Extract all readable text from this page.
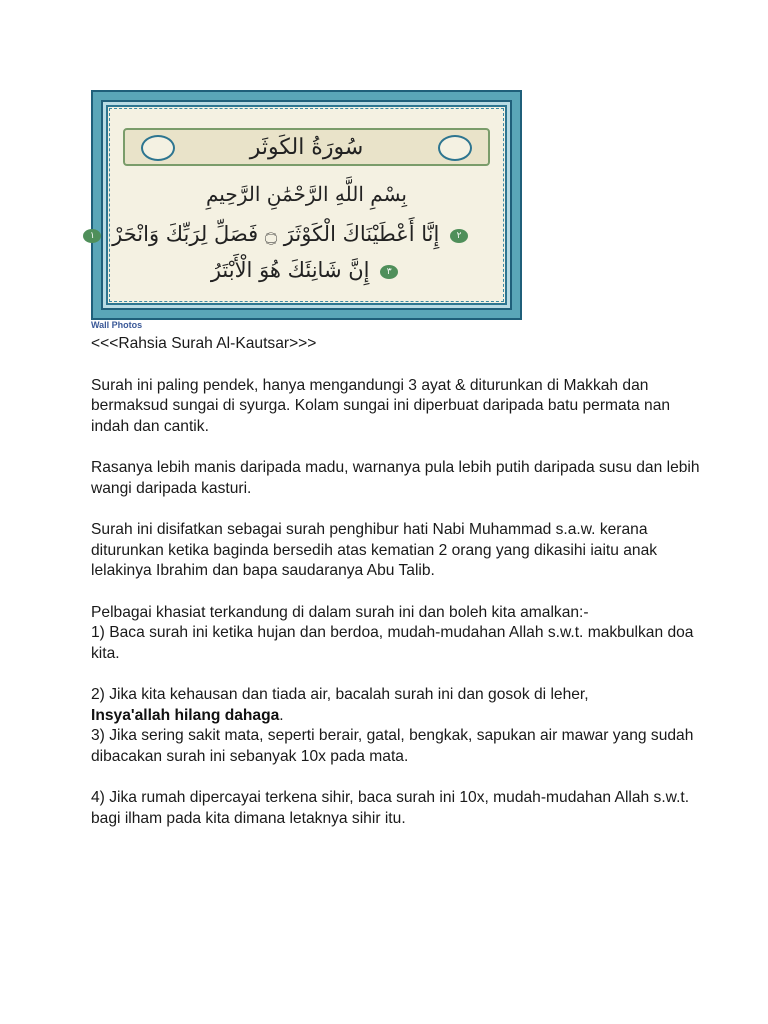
سُورَةُ الكَوثَر
بِسْمِ اللَّهِ الرَّحْمَٰنِ الرَّحِيمِ
٢ إِنَّا أَعْطَيْنَاكَ الْكَوْثَرَ ۝ فَصَلِّ لِرَبِّكَ وَانْحَرْ ١
٣ إِنَّ شَانِئَكَ هُوَ الْأَبْتَرُ
Wall Photos

<<<Rahsia Surah Al-Kautsar>>>

Surah ini paling pendek, hanya mengandungi 3 ayat & diturunkan di Makkah dan bermaksud sungai di syurga. Kolam sungai ini diperbuat daripada batu permata nan indah dan cantik.

Rasanya lebih manis daripada madu, warnanya pula lebih putih daripada susu dan lebih wangi daripada kasturi.

Surah ini disifatkan sebagai surah penghibur hati Nabi Muhammad s.a.w. kerana diturunkan ketika baginda bersedih atas kematian 2 orang yang dikasihi iaitu anak lelakinya Ibrahim dan bapa saudaranya Abu Talib.

Pelbagai khasiat terkandung di dalam surah ini dan boleh kita amalkan:-

1) Baca surah ini ketika hujan dan berdoa, mudah-mudahan Allah s.w.t. makbulkan doa kita.

2) Jika kita kehausan dan tiada air, bacalah surah ini dan gosok di leher,
Insya'allah hilang dahaga.

3) Jika sering sakit mata, seperti berair, gatal, bengkak, sapukan air mawar yang sudah dibacakan surah ini sebanyak 10x pada mata.

4) Jika rumah dipercayai terkena sihir, baca surah ini 10x, mudah-mudahan Allah s.w.t. bagi ilham pada kita dimana letaknya sihir itu.
